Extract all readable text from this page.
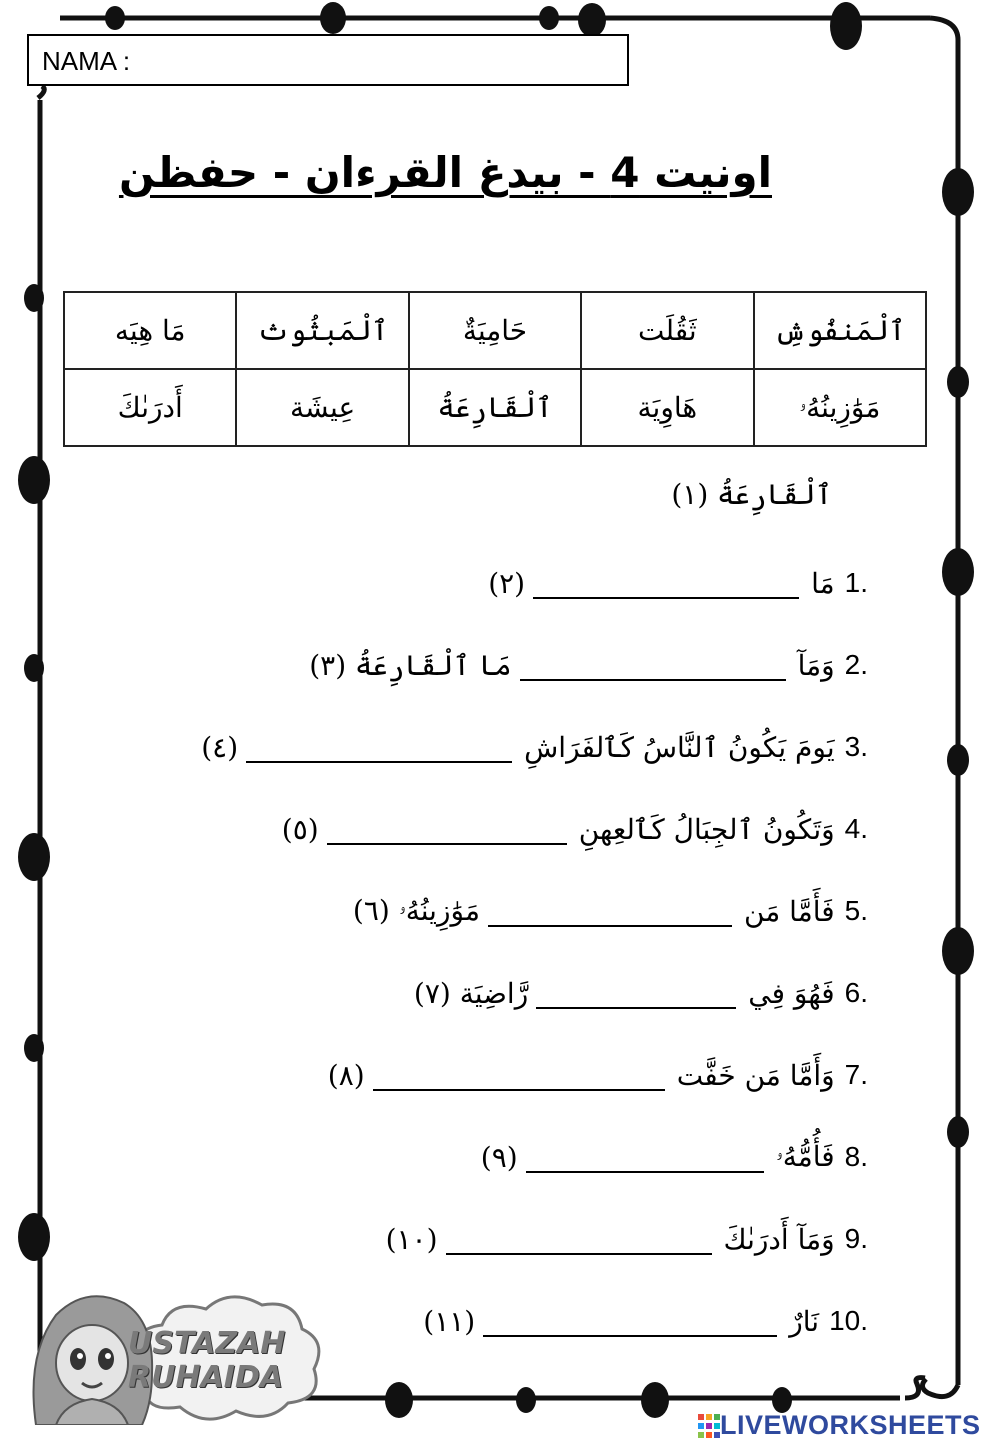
NAMA :
اونيت 4 - بيدغ القرءان - حفظن
مَا هِيَه	ٱلْمَبثُوث	حَامِيَةٌ	ثَقُلَت	ٱلْمَنفُوشِ
أَدرَىٰكَ	عِيشَة	ٱلْقَارِعَةُ	هَاوِيَة	مَوَٰزِينُهُۥ
ٱلْقَارِعَةُ (١)
مَا
(٢)	1.
وَمَآ
مَا ٱلْقَارِعَةُ (٣)	2.
يَومَ يَكُونُ ٱلنَّاسُ كَٱلفَرَاشِ
(٤)	3.
وَتَكُونُ ٱلجِبَالُ كَٱلعِهنِ
(٥)	4.
فَأَمَّا مَن
مَوَٰزِينُهُۥ (٦)	5.
فَهُوَ فِي
رَّاضِيَة (٧)	6.
وَأَمَّا مَن خَفَّت
(٨)	7.
فَأُمُّهُۥ
(٩)	8.
وَمَآ أَدرَىٰكَ
(١٠)	9.
نَارٌ
(١١)	10.
USTAZAH
RUHAIDA
LIVEWORKSHEETS
